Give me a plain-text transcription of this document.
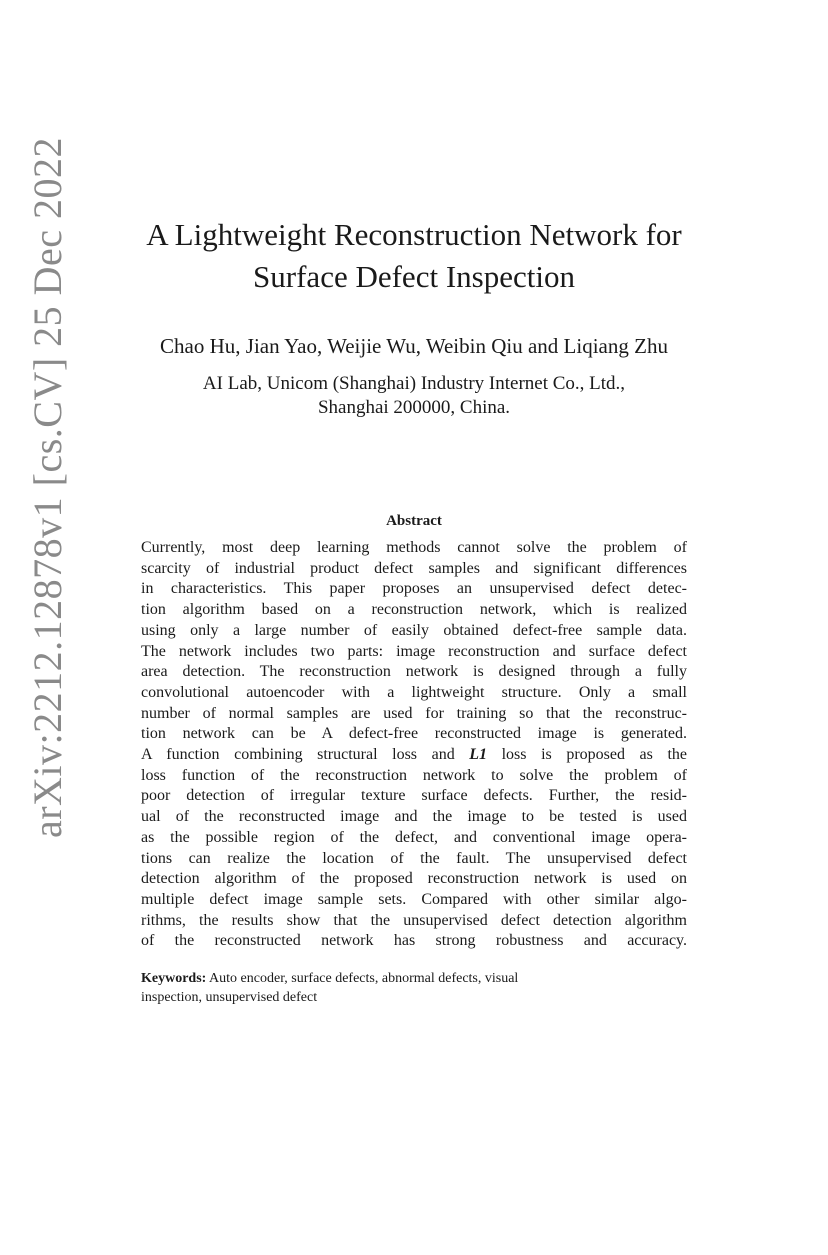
arXiv:2212.12878v1 [cs.CV] 25 Dec 2022	A Lightweight Reconstruction Network for
Surface Defect Inspection
Chao Hu, Jian Yao, Weijie Wu, Weibin Qiu and Liqiang Zhu
AI Lab, Unicom (Shanghai) Industry Internet Co., Ltd.,
Shanghai 200000, China.
Abstract
Currently, most deep learning methods cannot solve the problem of
scarcity of industrial product defect samples and significant differences
in characteristics. This paper proposes an unsupervised defect detec-
tion algorithm based on a reconstruction network, which is realized
using only a large number of easily obtained defect-free sample data.
The network includes two parts: image reconstruction and surface defect
area detection. The reconstruction network is designed through a fully
convolutional autoencoder with a lightweight structure. Only a small
number of normal samples are used for training so that the reconstruc-
tion network can be A defect-free reconstructed image is generated.
A function combining structural loss and L1 loss is proposed as the
loss function of the reconstruction network to solve the problem of
poor detection of irregular texture surface defects. Further, the resid-
ual of the reconstructed image and the image to be tested is used
as the possible region of the defect, and conventional image opera-
tions can realize the location of the fault. The unsupervised defect
detection algorithm of the proposed reconstruction network is used on
multiple defect image sample sets. Compared with other similar algo-
rithms, the results show that the unsupervised defect detection algorithm
of the reconstructed network has strong robustness and accuracy.
Keywords: Auto encoder, surface defects, abnormal defects, visual
inspection, unsupervised defect
